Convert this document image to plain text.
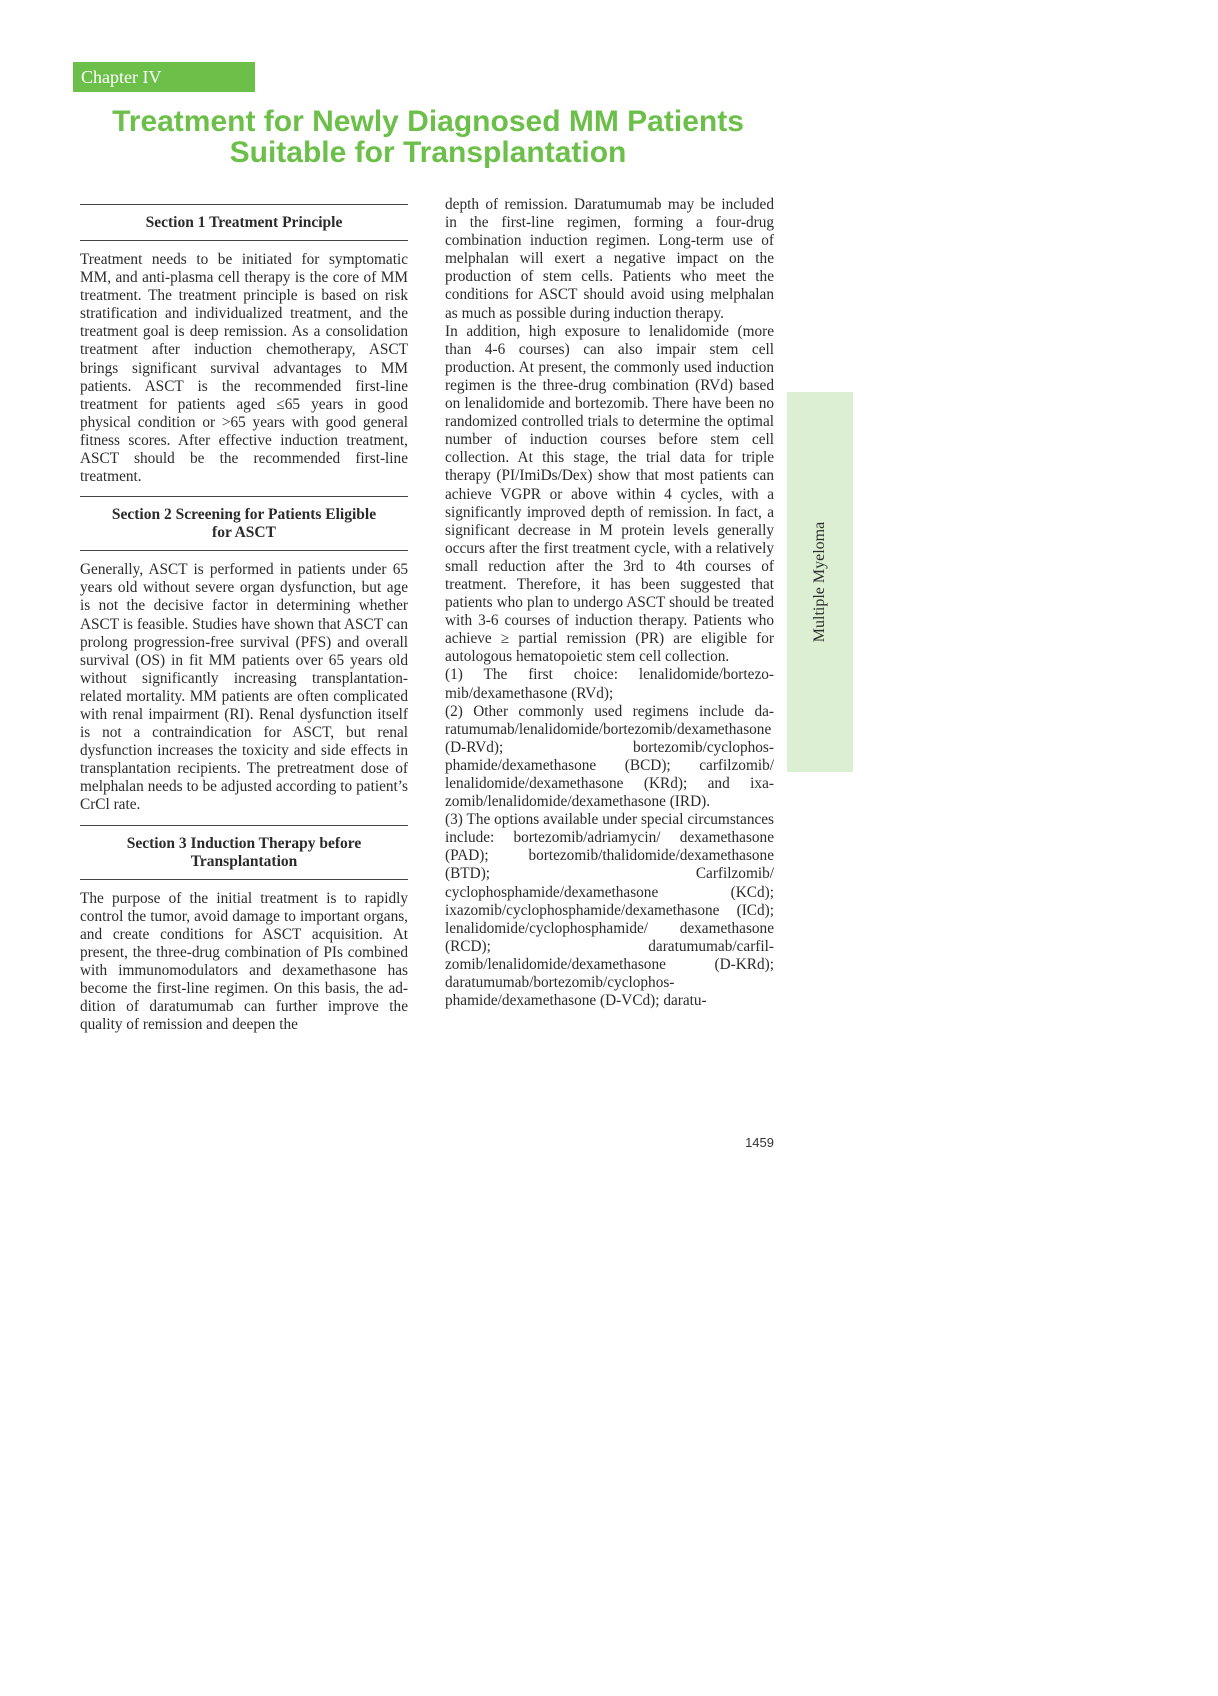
Chapter IV
Treatment for Newly Diagnosed MM Patients
Suitable for Transplantation
Section 1 Treatment Principle

Treatment needs to be initiated for symptomatic MM, and anti-plasma cell therapy is the core of MM treatment. The treatment principle is based on risk stratification and individualized treatment, and the treatment goal is deep remission. As a consolidation treatment after induction chemotherapy, ASCT brings significant survival advantages to MM patients. ASCT is the recommended first-line treatment for patients aged ≤65 years in good physical condition or >65 years with good general fitness scores. After effective induction treatment, ASCT should be the recommended first-line treatment.

Section 2 Screening for Patients Eligible
for ASCT

Generally, ASCT is performed in patients under 65 years old without severe organ dysfunction, but age is not the decisive factor in determining whether ASCT is feasible. Studies have shown that ASCT can prolong progression-free survival (PFS) and overall survival (OS) in fit MM patients over 65 years old without significantly increasing transplantation-related mortality. MM patients are often complicated with renal impairment (RI). Renal dysfunction itself is not a contraindication for ASCT, but renal dysfunction increases the toxicity and side effects in transplantation recipients. The pretreatment dose of melphalan needs to be adjusted according to patient’s CrCl rate.

Section 3 Induction Therapy before
Transplantation

The purpose of the initial treatment is to rapidly control the tumor, avoid damage to important organs, and create conditions for ASCT acquisition. At present, the three-drug combination of PIs combined with immunomodulators and dexamethasone has become the first-line regimen. On this basis, the addition of daratumumab can further improve the quality of remission and deepen the

depth of remission. Daratumumab may be included in the first-line regimen, forming a four-drug combination induction regimen. Long-term use of melphalan will exert a negative impact on the production of stem cells. Patients who meet the conditions for ASCT should avoid using melphalan as much as possible during induction therapy.

In addition, high exposure to lenalidomide (more than 4-6 courses) can also impair stem cell production. At present, the commonly used induction regimen is the three-drug combination (RVd) based on lenalidomide and bortezomib. There have been no randomized controlled trials to determine the optimal number of induction courses before stem cell collection. At this stage, the trial data for triple therapy (PI/ImiDs/Dex) show that most patients can achieve VGPR or above within 4 cycles, with a significantly improved depth of remission. In fact, a significant decrease in M protein levels generally occurs after the first treatment cycle, with a relatively small reduction after the 3rd to 4th courses of treatment. Therefore, it has been suggested that patients who plan to undergo ASCT should be treated with 3-6 courses of induction therapy. Patients who achieve ≥ partial remission (PR) are eligible for autologous hematopoietic stem cell collection.

(1) The first choice: lenalidomide/bortezomib/dexamethasone (RVd);

(2) Other commonly used regimens include daratumumab/lenalidomide/bortezomib/dexamethasone (D-RVd); bortezomib/cyclophosphamide/dexamethasone (BCD); carfilzomib/ lenalidomide/dexamethasone (KRd); and ixazomib/lenalidomide/dexamethasone (IRD).

(3) The options available under special circumstances include: bortezomib/adriamycin/ dexamethasone (PAD); bortezomib/thalidomide/dexamethasone (BTD); Carfilzomib/ cyclophosphamide/dexamethasone (KCd); ixazomib/cyclophosphamide/dexamethasone (ICd); lenalidomide/cyclophosphamide/ dexamethasone (RCD); daratumumab/carfilzomib/lenalidomide/dexamethasone (D-KRd); daratumumab/bortezomib/cyclophosphamide/dexamethasone (D-VCd); daratu-

Multiple Myeloma
1459
